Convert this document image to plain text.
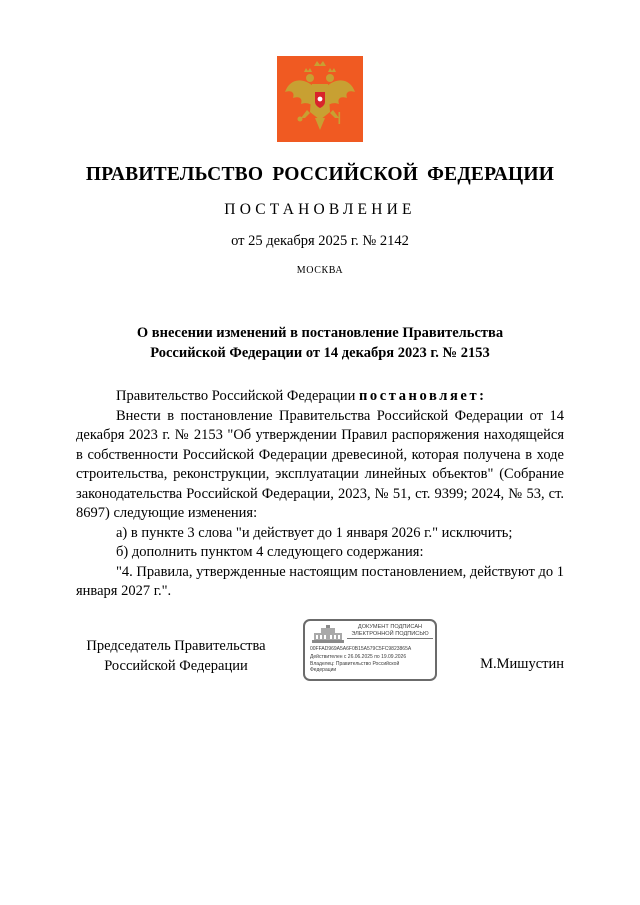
ПРАВИТЕЛЬСТВО РОССИЙСКОЙ ФЕДЕРАЦИИ
ПОСТАНОВЛЕНИЕ
от 25 декабря 2025 г. № 2142
МОСКВА
О внесении изменений в постановление Правительства
Российской Федерации от 14 декабря 2023 г. № 2153

Правительство Российской Федерации постановляет:

Внести в постановление Правительства Российской Федерации от 14 декабря 2023 г. № 2153 "Об утверждении Правил распоряжения находящейся в собственности Российской Федерации древесиной, которая получена в ходе строительства, реконструкции, эксплуатации линейных объектов" (Собрание законодательства Российской Федерации, 2023, № 51, ст. 9399; 2024, № 53, ст. 8697) следующие изменения:

а) в пункте 3 слова "и действует до 1 января 2026 г." исключить;

б) дополнить пунктом 4 следующего содержания:

"4. Правила, утвержденные настоящим постановлением, действуют до 1 января 2027 г.".

Председатель Правительства
Российской Федерации
ДОКУМЕНТ ПОДПИСАН
ЭЛЕКТРОННОЙ ПОДПИСЬЮ
00FFAD969A5A6F0B15A579C5FC9823865A
Действителен с 26.06.2025 по 19.09.2026
Владелец: Правительство Российской Федерации	М.Мишустин
